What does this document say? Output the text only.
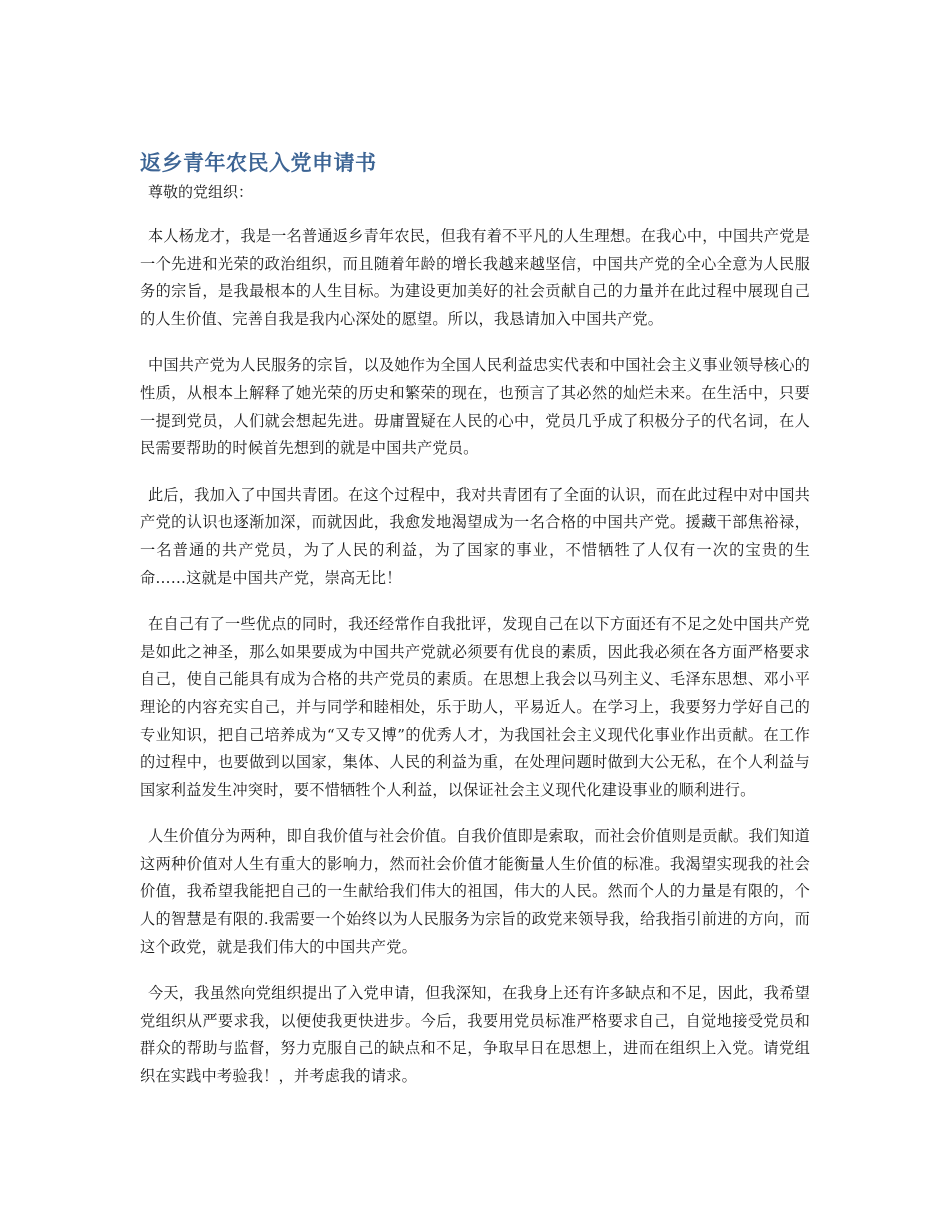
返乡青年农民入党申请书

尊敬的党组织：

本人杨龙才，我是一名普通返乡青年农民，但我有着不平凡的人生理想。在我心中，中国共产党是一个先进和光荣的政治组织，而且随着年龄的增长我越来越坚信，中国共产党的全心全意为人民服务的宗旨，是我最根本的人生目标。为建设更加美好的社会贡献自己的力量并在此过程中展现自己的人生价值、完善自我是我内心深处的愿望。所以，我恳请加入中国共产党。

中国共产党为人民服务的宗旨，以及她作为全国人民利益忠实代表和中国社会主义事业领导核心的性质，从根本上解释了她光荣的历史和繁荣的现在，也预言了其必然的灿烂未来。在生活中，只要一提到党员，人们就会想起先进。毋庸置疑在人民的心中，党员几乎成了积极分子的代名词，在人民需要帮助的时候首先想到的就是中国共产党员。

此后，我加入了中国共青团。在这个过程中，我对共青团有了全面的认识，而在此过程中对中国共产党的认识也逐渐加深，而就因此，我愈发地渴望成为一名合格的中国共产党。援藏干部焦裕禄，一名普通的共产党员，为了人民的利益，为了国家的事业，不惜牺牲了人仅有一次的宝贵的生命……这就是中国共产党，崇高无比！

在自己有了一些优点的同时，我还经常作自我批评，发现自己在以下方面还有不足之处中国共产党是如此之神圣，那么如果要成为中国共产党就必须要有优良的素质，因此我必须在各方面严格要求自己，使自己能具有成为合格的共产党员的素质。在思想上我会以马列主义、毛泽东思想、邓小平理论的内容充实自己，并与同学和睦相处，乐于助人，平易近人。在学习上，我要努力学好自己的专业知识，把自己培养成为“又专又博”的优秀人才，为我国社会主义现代化事业作出贡献。在工作的过程中，也要做到以国家，集体、人民的利益为重，在处理问题时做到大公无私，在个人利益与国家利益发生冲突时，要不惜牺牲个人利益，以保证社会主义现代化建设事业的顺利进行。

人生价值分为两种，即自我价值与社会价值。自我价值即是索取，而社会价值则是贡献。我们知道这两种价值对人生有重大的影响力，然而社会价值才能衡量人生价值的标准。我渴望实现我的社会价值，我希望我能把自己的一生献给我们伟大的祖国，伟大的人民。然而个人的力量是有限的，个人的智慧是有限的.我需要一个始终以为人民服务为宗旨的政党来领导我，给我指引前进的方向，而这个政党，就是我们伟大的中国共产党。

今天，我虽然向党组织提出了入党申请，但我深知，在我身上还有许多缺点和不足，因此，我希望党组织从严要求我，以便使我更快进步。今后，我要用党员标准严格要求自己，自觉地接受党员和群众的帮助与监督，努力克服自己的缺点和不足，争取早日在思想上，进而在组织上入党。请党组织在实践中考验我！，并考虑我的请求。
